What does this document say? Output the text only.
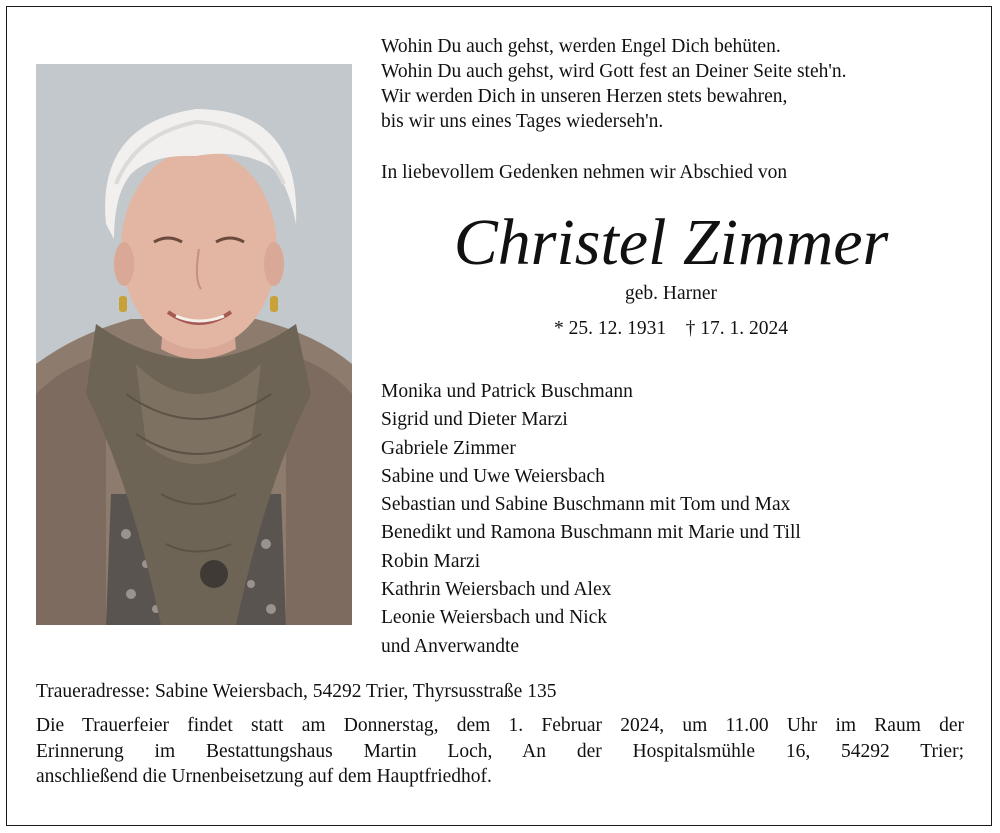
Wohin Du auch gehst, werden Engel Dich behüten.
Wohin Du auch gehst, wird Gott fest an Deiner Seite steh'n.
Wir werden Dich in unseren Herzen stets bewahren,
bis wir uns eines Tages wiederseh'n.
In liebevollem Gedenken nehmen wir Abschied von
Christel Zimmer
geb. Harner
* 25. 12. 1931    † 17. 1. 2024
Monika und Patrick Buschmann
Sigrid und Dieter Marzi
Gabriele Zimmer
Sabine und Uwe Weiersbach
Sebastian und Sabine Buschmann mit Tom und Max
Benedikt und Ramona Buschmann mit Marie und Till
Robin Marzi
Kathrin Weiersbach und Alex
Leonie Weiersbach und Nick
und Anverwandte
Traueradresse: Sabine Weiersbach, 54292 Trier, Thyrsusstraße 135
Die Trauerfeier findet statt am Donnerstag, dem 1. Februar 2024, um 11.00 Uhr im Raum der
Erinnerung im Bestattungshaus Martin Loch, An der Hospitalsmühle 16, 54292 Trier;
anschließend die Urnenbeisetzung auf dem Hauptfriedhof.
